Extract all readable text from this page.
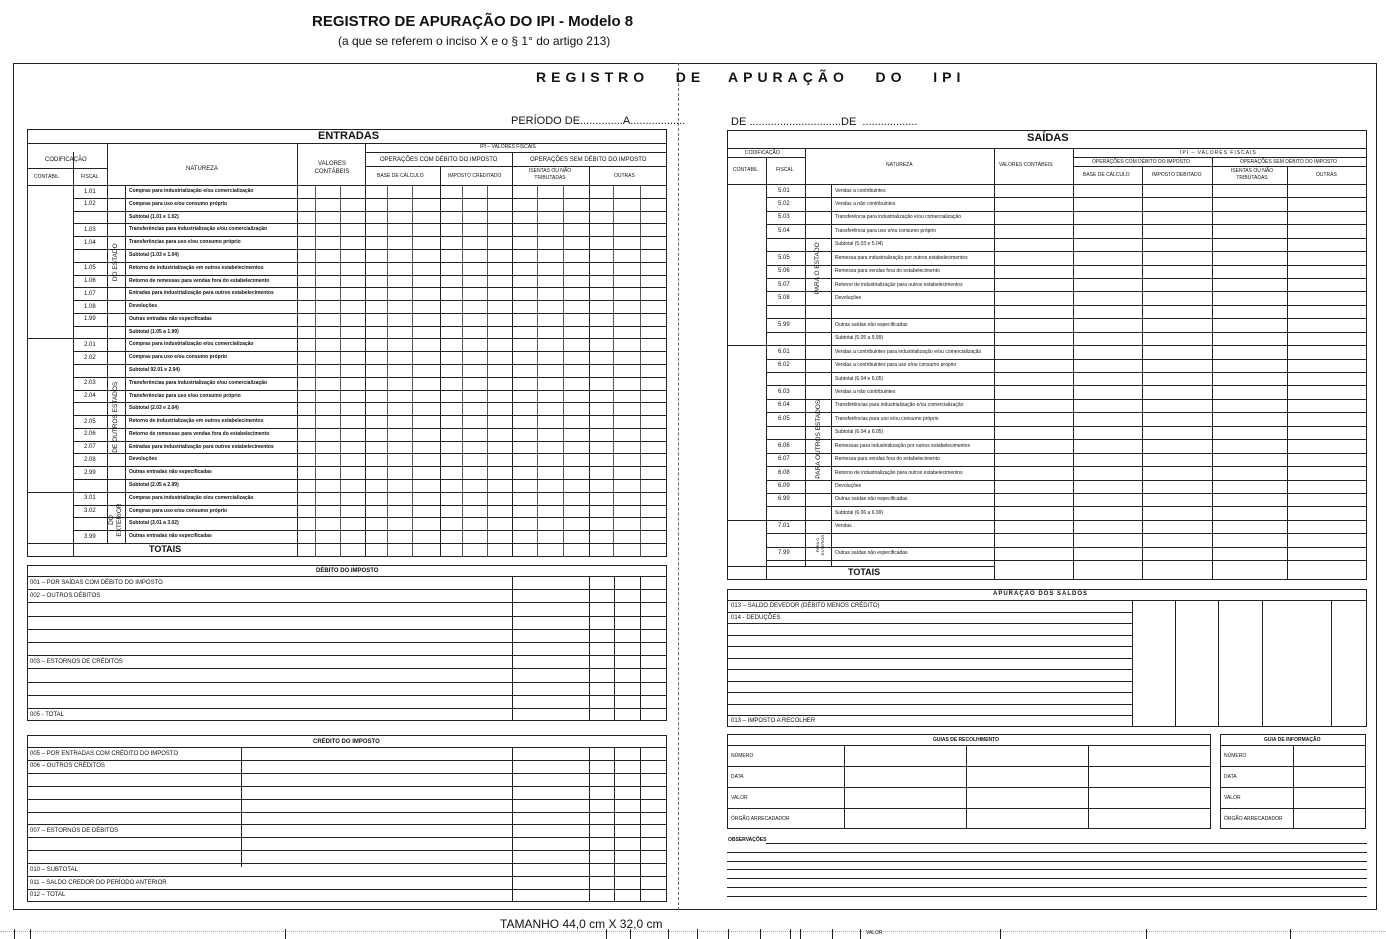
REGISTRO DE APURAÇÃO DO IPI - Modelo 8
(a que se referem o inciso X e o § 1° do artigo 213)
REGISTRO   DE
PERÍODO DE..............A..................
APURAÇÃO   DO   IPI
DE ..............................DE  ..................
ENTRADAS
IPI – VALORES FISCAIS
CODIFICAÇÃO
CONTÁBIL	FISCAL
NATUREZA
VALORES CONTÁBEIS
OPERAÇÕES COM DÉBITO DO IMPOSTO	OPERAÇÕES SEM DÉBITO DO IMPOSTO
BASE DE CÁLCULO	IMPOSTO CREDITADO
ISENTAS OU NÃO TRIBUTADAS	OUTRAS
1.01	Compras para industrialização e/ou comercialização
1.02	Compras para uso e/ou consumo próprio
Subtotal (1.01 e 1.02)
1.03	Transferências para industrialização e/ou comercialização
1.04	Transferências para uso e/ou consumo próprio
Subtotal (1.03 e 1.04)
1.05	Retorno de industrialização em outros estabelecimentos
1.06	Retorno de remessas para vendas fora do estabelecimento
1.07	Entradas para industrialização para outros estabelecimentos
1.08	Devoluções
1.99	Outras entradas não especificadas
Subtotal (1.05 a 1.99)
2.01	Compras para industrialização e/ou comercialização
2.02	Compras para uso e/ou consumo próprio
Subtotal 92.01 e 2.04)
2.03	Transferências para industrialização e/ou comercialização
2.04	Transferências para uso e/ou consumo próprio
Subtotal (2.03 e 2.04)
2.05	Retorno de industrialização em outros estabelecimentos
2.06	Retorno de remessas para vendas fora do estabelecimento
2.07	Entradas para industrialização para outros estabelecimentos
2.08	Devoluções
2.99	Outras entradas não especificadas
Subtotal (2.05 a 2.99)
3.01	Compras para industrialização e/ou comercialização
3.02	Compras para uso e/ou consumo próprio
Subtotal (3.01 a 3.02)
3.99	Outras entradas não especificadas
DO ESTADO
DE OUTROS ESTADOS
DO EXTERIOR
TOTAIS
DÉBITO DO IMPOSTO
001 – POR SAÍDAS COM DÉBITO DO IMPOSTO
002 – OUTROS DÉBITOS
003 – ESTORNOS DE CRÉDITOS
005 - TOTAL
CRÉDITO DO IMPOSTO
005 – POR ENTRADAS COM CRÉDITO DO IMPOSTO
006 – OUTROS CRÉDITOS
007 – ESTORNOS DE DÉBITOS
010 – SUBTOTAL
011 – SALDO CREDOR DO PERÍODO ANTERIOR
012 – TOTAL
SAÍDAS
IPI – VALORES FISCAIS
CODIFICAÇÃO
CONTÁBIL	FISCAL
NATUREZA	VALORES CONTÁBEIS	OPERAÇÕES COM DÉBITO DO IMPOSTO	OPERAÇÕES SEM DÉBITO DO IMPOSTO
BASE DE CÁLCULO	IMPOSTO DEBITADO
ISENTAS OU NÃO TRIBUTADAS	OUTRAS
5.01	Vendas a contribuintes
5.02	Vendas a não contribuintes
5.03	Transferência para industrialização e/ou comercialização
5.04	Transferência para uso e/ou consumo próprio
Subtotal (5.03 e 5.04)
5.05	Remessa para industrialização por outros estabelecimentos
5.06	Remessa para vendas fora do estabelecimento
5.07	Retorno de industrialização para outros estabelecimentos
5.08	Devoluções
5.99	Outras saídas não especificadas
Subtotal (5.05 a 5.99)
6.01	Vendas a contribuintes para industrialização e/ou comercialização
6.02	Vendas a contribuintes para uso e/ou consumo próprio
Subtotal (6.04 e 6.05)
6.03	Vendas a não contribuintes
6.04	Transferências para industrialização e/ou comercialização
6.05	Transferências para uso e/ou consumo próprio
Subtotal (6.04 a 6.05)
6.06	Remessas para industrialização por outros estabelecimentos
6.07	Remessa para vendas fora do estabelecimento
6.08	Retorno de industrialização para outros estabelecimentos
6.09	Devoluções
6.99	Outras saídas não especificadas
Subtotal (6.06 a 6.99)
7.01	Vendas
7.99	Outras saídas não especificadas
PARA O ESTADO
PARA OUTROS ESTADOS
PARA O EXTERIOR
TOTAIS
APURAÇÃO DOS SALDOS
013 – SALDO DEVEDOR (DÉBITO MENOS CRÉDITO)
014 - DEDUÇÕES
013 – IMPOSTO A RECOLHER
GUIAS DE RECOLHIMENTO
NÚMERO
DATA
VALOR
ÓRGÃO ARRECADADOR
GUIA DE INFORMAÇÃO
NÚMERO
DATA
VALOR
ÓRGÃO ARRECADADOR
OBSERVAÇÕES
TAMANHO 44,0 cm X 32,0 cm
VALOR
